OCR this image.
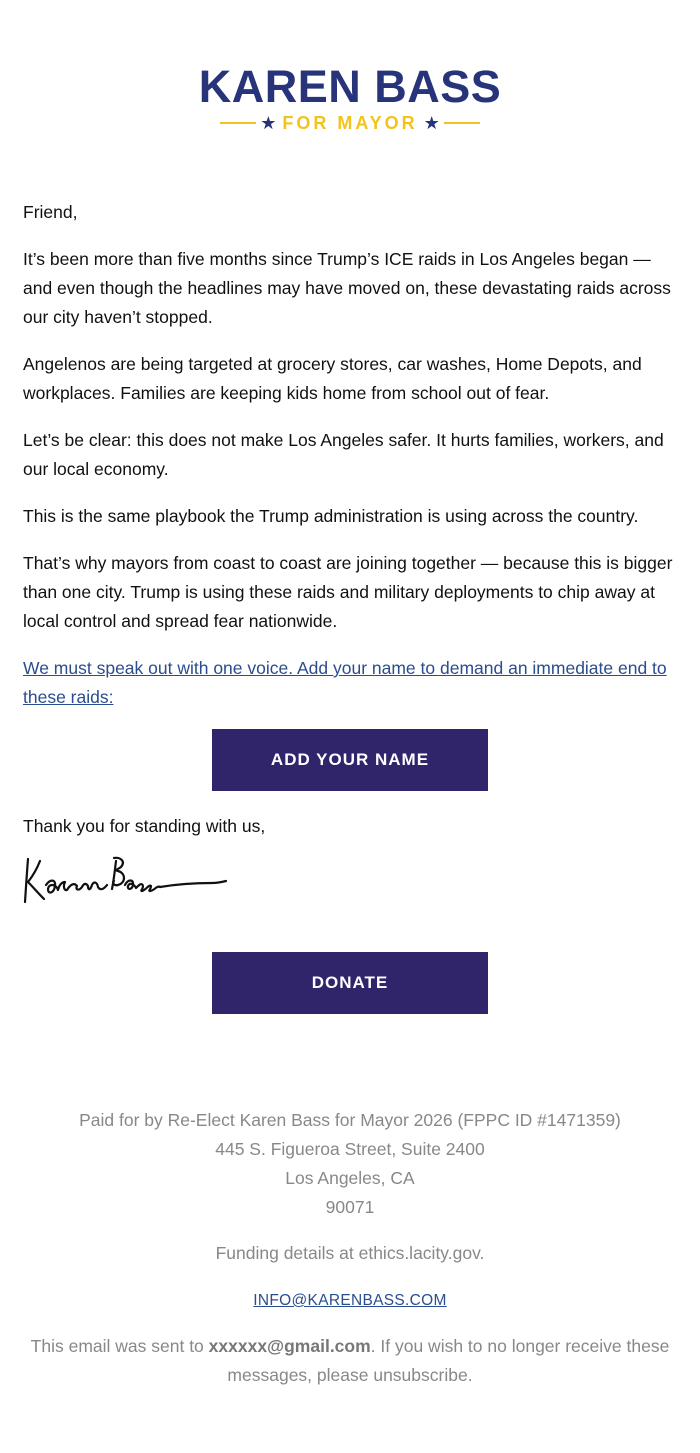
KAREN BASS
★ FOR MAYOR ★

Friend,

It’s been more than five months since Trump’s ICE raids in Los Angeles began — and even though the headlines may have moved on, these devastating raids across our city haven’t stopped.

Angelenos are being targeted at grocery stores, car washes, Home Depots, and workplaces. Families are keeping kids home from school out of fear.

Let’s be clear: this does not make Los Angeles safer. It hurts families, workers, and our local economy.

This is the same playbook the Trump administration is using across the country.

That’s why mayors from coast to coast are joining together — because this is bigger than one city. Trump is using these raids and military deployments to chip away at local control and spread fear nationwide.

We must speak out with one voice. Add your name to demand an immediate end to these raids:

ADD YOUR NAME
Thank you for standing with us,
DONATE

Paid for by Re-Elect Karen Bass for Mayor 2026 (FPPC ID #1471359)

445 S. Figueroa Street, Suite 2400

Los Angeles, CA

90071

Funding details at ethics.lacity.gov.

INFO@KARENBASS.COM

This email was sent to xxxxxx@gmail.com. If you wish to no longer receive these messages, please unsubscribe.
